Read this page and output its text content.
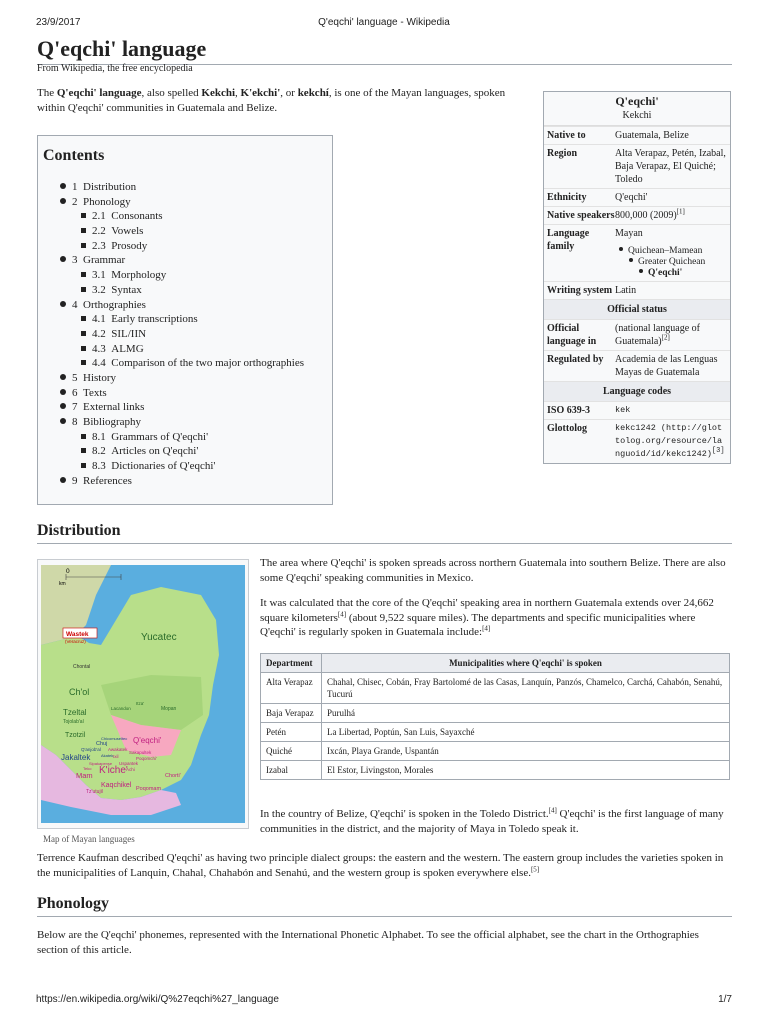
23/9/2017	Q'eqchi' language - Wikipedia
Q'eqchi' language
From Wikipedia, the free encyclopedia
The Q'eqchi' language, also spelled Kekchi, K'ekchi', or kekchí, is one of the Mayan languages, spoken within Q'eqchi' communities in Guatemala and Belize.
Contents
1 Distribution
2 Phonology
2.1 Consonants
2.2 Vowels
2.3 Prosody
3 Grammar
3.1 Morphology
3.2 Syntax
4 Orthographies
4.1 Early transcriptions
4.2 SIL/IIN
4.3 ALMG
4.4 Comparison of the two major orthographies
5 History
6 Texts
7 External links
8 Bibliography
8.1 Grammars of Q'eqchi'
8.2 Articles on Q'eqchi'
8.3 Dictionaries of Q'eqchi'
9 References
Q'eqchi'
Kekchi
Native to	Guatemala, Belize
Region	Alta Verapaz, Petén, Izabal, Baja Verapaz, El Quiché; Toledo
Ethnicity	Q'eqchi'
Native speakers 800,000 (2009)[1]
Language family
Mayan
Quichean–Mamean
Greater Quichean
Q'eqchi'
Writing system Latin
Official status
Official language in
(national language of Guatemala)[2]
Regulated by	Academia de las Lenguas Mayas de Guatemala
Language codes
ISO 639-3	kek
Glottolog	kekc1242 (http://glottolog.org/resource/languoid/id/kekc1242)[3]
Distribution
0
km
Wastek
(Veracruz)	Yucatec
Chontal
Ch'ol
Tzeltal
Tojolab'al
Tzotzil
Chuj
Jakaltek
Mam K'iche'
Kaqchikel
Q'eqchi'
Itza'
Mopan
Chorti'
Poqomam
Tz'utujil
Awakatek
Ixil
Uspantek
Achi
Sakapultek
Poqomchi'
Sipakapense
Teko
Q'anjob'al
Akatek
Lacandon
Chicomuseltec
Map of Mayan languages
The area where Q'eqchi' is spoken spreads across northern Guatemala into southern Belize. There are also some Q'eqchi' speaking communities in Mexico.
It was calculated that the core of the Q'eqchi' speaking area in northern Guatemala extends over 24,662 square kilometers[4] (about 9,522 square miles). The departments and specific municipalities where Q'eqchi' is regularly spoken in Guatemala include:[4]
Department	Municipalities where Q'eqchi' is spoken
Alta Verapaz	Chahal, Chisec, Cobán, Fray Bartolomé de las Casas, Lanquín, Panzós, Chamelco, Carchá, Cahabón, Senahú, Tucurú
Baja Verapaz	Purulhá
Petén	La Libertad, Poptún, San Luis, Sayaxché
Quiché	Ixcán, Playa Grande, Uspantán
Izabal	El Estor, Livingston, Morales
In the country of Belize, Q'eqchi' is spoken in the Toledo District.[4] Q'eqchi' is the first language of many communities in the district, and the majority of Maya in Toledo speak it.
Terrence Kaufman described Q'eqchi' as having two principle dialect groups: the eastern and the western. The eastern group includes the varieties spoken in the municipalities of Lanquin, Chahal, Chahabón and Senahú, and the western group is spoken everywhere else.[5]
Phonology
Below are the Q'eqchi' phonemes, represented with the International Phonetic Alphabet. To see the official alphabet, see the chart in the Orthographies section of this article.
https://en.wikipedia.org/wiki/Q%27eqchi%27_language	1/7
